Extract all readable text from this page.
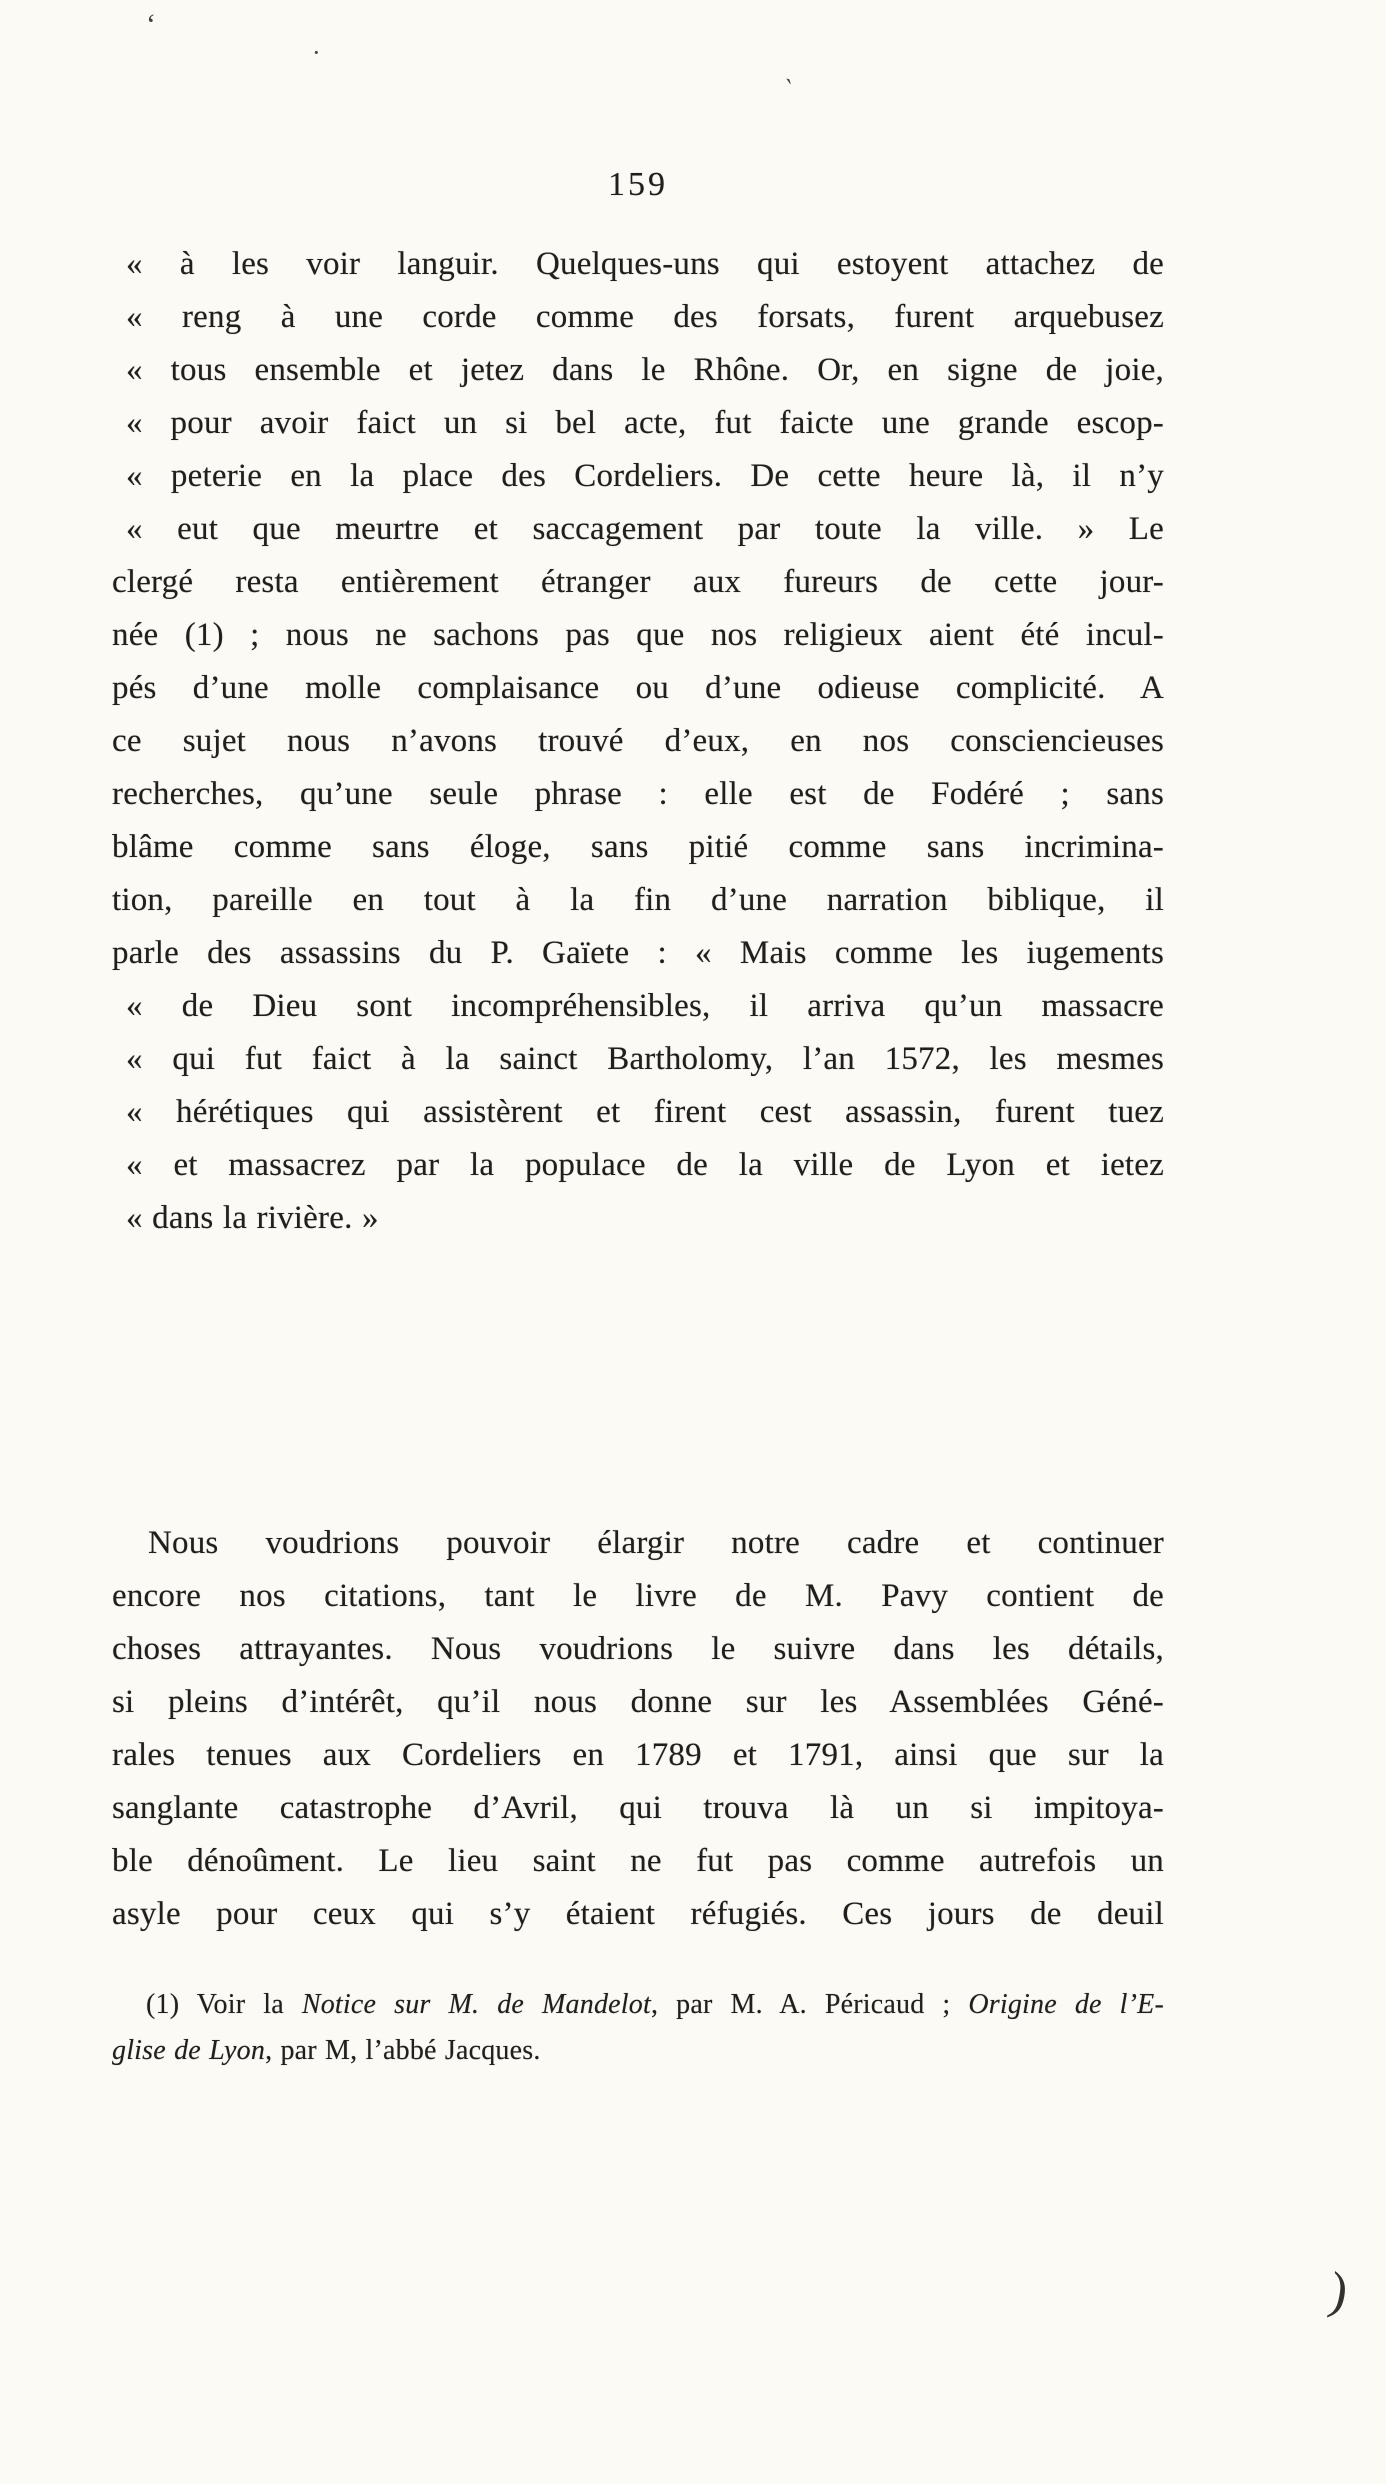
159
« à les voir languir. Quelques-uns qui estoyent attachez de
« reng à une corde comme des forsats, furent arquebusez
« tous ensemble et jetez dans le Rhône. Or, en signe de joie,
« pour avoir faict un si bel acte, fut faicte une grande escop-
« peterie en la place des Cordeliers. De cette heure là, il n’y
« eut que meurtre et saccagement par toute la ville. » Le
clergé resta entièrement étranger aux fureurs de cette jour-
née (1) ; nous ne sachons pas que nos religieux aient été incul-
pés d’une molle complaisance ou d’une odieuse complicité. A
ce sujet nous n’avons trouvé d’eux, en nos consciencieuses
recherches, qu’une seule phrase : elle est de Fodéré ; sans
blâme comme sans éloge, sans pitié comme sans incrimina-
tion, pareille en tout à la fin d’une narration biblique, il
parle des assassins du P. Gaïete : « Mais comme les iugements
« de Dieu sont incompréhensibles, il arriva qu’un massacre
« qui fut faict à la sainct Bartholomy, l’an 1572, les mesmes
« hérétiques qui assistèrent et firent cest assassin, furent tuez
« et massacrez par la populace de la ville de Lyon et ietez
« dans la rivière. »
Nous voudrions pouvoir élargir notre cadre et continuer
encore nos citations, tant le livre de M. Pavy contient de
choses attrayantes. Nous voudrions le suivre dans les détails,
si pleins d’intérêt, qu’il nous donne sur les Assemblées Géné-
rales tenues aux Cordeliers en 1789 et 1791, ainsi que sur la
sanglante catastrophe d’Avril, qui trouva là un si impitoya-
ble dénoûment. Le lieu saint ne fut pas comme autrefois un
asyle pour ceux qui s’y étaient réfugiés. Ces jours de deuil
(1) Voir la Notice sur M. de Mandelot, par M. A. Péricaud ; Origine de l’E-
glise de Lyon, par M, l’abbé Jacques.
‘
·
`
)
